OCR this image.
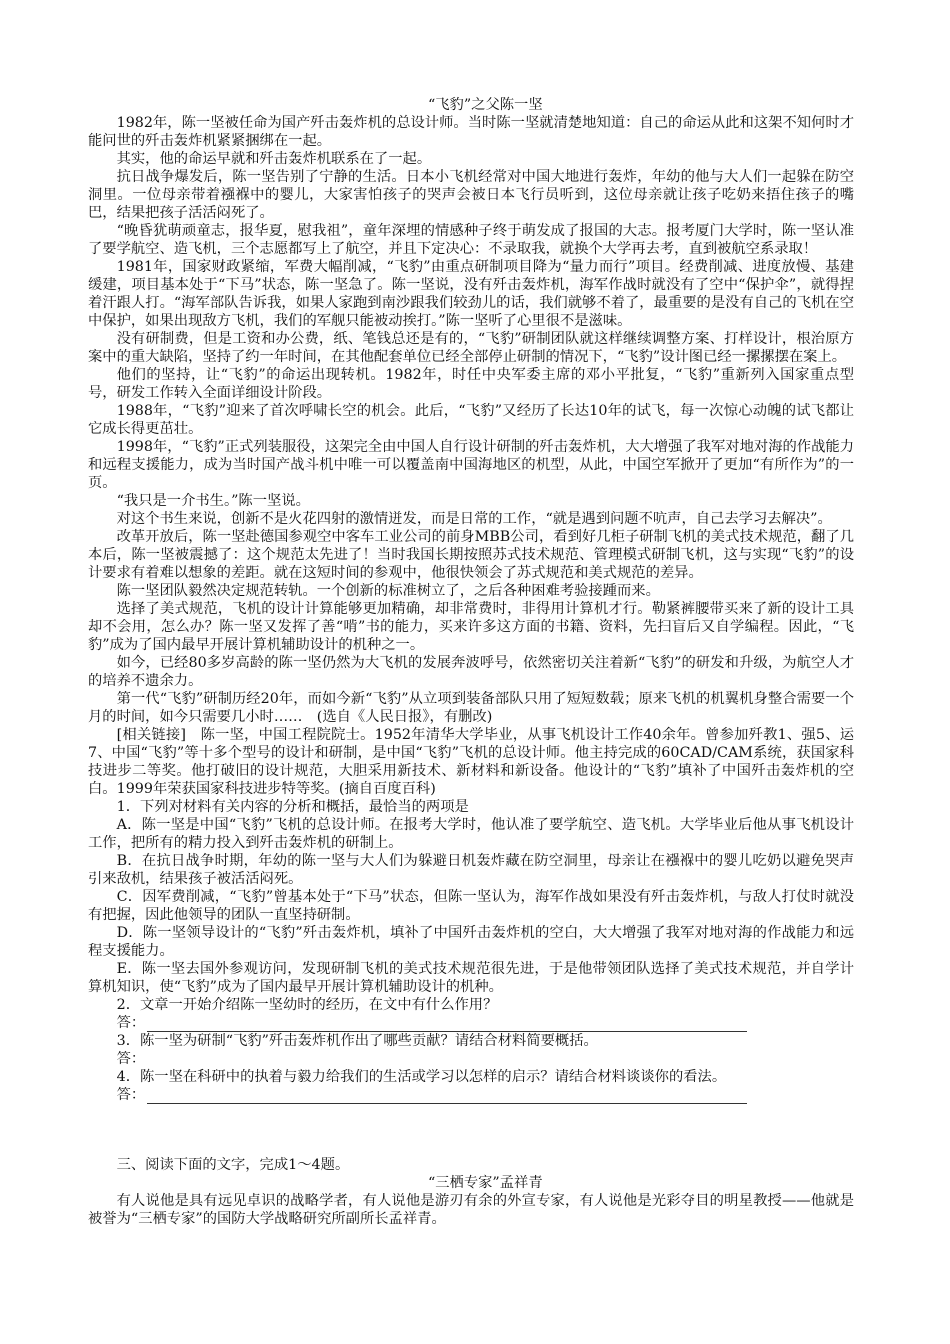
“飞豹”之父陈一坚

1982年，陈一坚被任命为国产歼击轰炸机的总设计师。当时陈一坚就清楚地知道：自己的命运从此和这架不知何时才能问世的歼击轰炸机紧紧捆绑在一起。

其实，他的命运早就和歼击轰炸机联系在了一起。

抗日战争爆发后，陈一坚告别了宁静的生活。日本小飞机经常对中国大地进行轰炸，年幼的他与大人们一起躲在防空洞里。一位母亲带着襁褓中的婴儿，大家害怕孩子的哭声会被日本飞行员听到，这位母亲就让孩子吃奶来捂住孩子的嘴巴，结果把孩子活活闷死了。

“晚昏犹萌顽童志，报华夏，慰我祖”，童年深埋的情感种子终于萌发成了报国的大志。报考厦门大学时，陈一坚认准了要学航空、造飞机，三个志愿都写上了航空，并且下定决心：不录取我，就换个大学再去考，直到被航空系录取！

1981年，国家财政紧缩，军费大幅削减，“飞豹”由重点研制项目降为“量力而行”项目。经费削减、进度放慢、基建缓建，项目基本处于“下马”状态，陈一坚急了。陈一坚说，没有歼击轰炸机，海军作战时就没有了空中“保护伞”，就得捏着汗跟人打。“海军部队告诉我，如果人家跑到南沙跟我们较劲儿的话，我们就够不着了，最重要的是没有自己的飞机在空中保护，如果出现敌方飞机，我们的军舰只能被动挨打。”陈一坚听了心里很不是滋味。

没有研制费，但是工资和办公费，纸、笔钱总还是有的，“飞豹”研制团队就这样继续调整方案、打样设计，根治原方案中的重大缺陷，坚持了约一年时间，在其他配套单位已经全部停止研制的情况下，“飞豹”设计图已经一摞摞摆在案上。

他们的坚持，让“飞豹”的命运出现转机。1982年，时任中央军委主席的邓小平批复，“飞豹”重新列入国家重点型号，研发工作转入全面详细设计阶段。

1988年，“飞豹”迎来了首次呼啸长空的机会。此后，“飞豹”又经历了长达10年的试飞，每一次惊心动魄的试飞都让它成长得更茁壮。

1998年，“飞豹”正式列装服役，这架完全由中国人自行设计研制的歼击轰炸机，大大增强了我军对地对海的作战能力和远程支援能力，成为当时国产战斗机中唯一可以覆盖南中国海地区的机型，从此，中国空军掀开了更加“有所作为”的一页。

“我只是一介书生。”陈一坚说。

对这个书生来说，创新不是火花四射的激情迸发，而是日常的工作，“就是遇到问题不吭声，自己去学习去解决”。

改革开放后，陈一坚赴德国参观空中客车工业公司的前身MBB公司，看到好几柜子研制飞机的美式技术规范，翻了几本后，陈一坚被震撼了：这个规范太先进了！当时我国长期按照苏式技术规范、管理模式研制飞机，这与实现“飞豹”的设计要求有着难以想象的差距。就在这短时间的参观中，他很快领会了苏式规范和美式规范的差异。

陈一坚团队毅然决定规范转轨。一个创新的标准树立了，之后各种困难考验接踵而来。

选择了美式规范，飞机的设计计算能够更加精确，却非常费时，非得用计算机才行。勒紧裤腰带买来了新的设计工具却不会用，怎么办？陈一坚又发挥了善“啃”书的能力，买来许多这方面的书籍、资料，先扫盲后又自学编程。因此，“飞豹”成为了国内最早开展计算机辅助设计的机种之一。

如今，已经80多岁高龄的陈一坚仍然为大飞机的发展奔波呼号，依然密切关注着新“飞豹”的研发和升级，为航空人才的培养不遗余力。

第一代“飞豹”研制历经20年，而如今新“飞豹”从立项到装备部队只用了短短数载；原来飞机的机翼机身整合需要一个月的时间，如今只需要几小时……　(选自《人民日报》，有删改)

[相关链接]　陈一坚，中国工程院院士。1952年清华大学毕业，从事飞机设计工作40余年。曾参加歼教1、强5、运7、中国“飞豹”等十多个型号的设计和研制，是中国“飞豹”飞机的总设计师。他主持完成的60CAD/CAM系统，获国家科技进步二等奖。他打破旧的设计规范，大胆采用新技术、新材料和新设备。他设计的“飞豹”填补了中国歼击轰炸机的空白。1999年荣获国家科技进步特等奖。(摘自百度百科)

1．下列对材料有关内容的分析和概括，最恰当的两项是

A．陈一坚是中国“飞豹”飞机的总设计师。在报考大学时，他认准了要学航空、造飞机。大学毕业后他从事飞机设计工作，把所有的精力投入到歼击轰炸机的研制上。

B．在抗日战争时期，年幼的陈一坚与大人们为躲避日机轰炸藏在防空洞里，母亲让在襁褓中的婴儿吃奶以避免哭声引来敌机，结果孩子被活活闷死。

C．因军费削减，“飞豹”曾基本处于“下马”状态，但陈一坚认为，海军作战如果没有歼击轰炸机，与敌人打仗时就没有把握，因此他领导的团队一直坚持研制。

D．陈一坚领导设计的“飞豹”歼击轰炸机，填补了中国歼击轰炸机的空白，大大增强了我军对地对海的作战能力和远程支援能力。

E．陈一坚去国外参观访问，发现研制飞机的美式技术规范很先进，于是他带领团队选择了美式技术规范，并自学计算机知识，使“飞豹”成为了国内最早开展计算机辅助设计的机种。

2．文章一开始介绍陈一坚幼时的经历，在文中有什么作用？

答：

3．陈一坚为研制“飞豹”歼击轰炸机作出了哪些贡献？请结合材料简要概括。

答：

4．陈一坚在科研中的执着与毅力给我们的生活或学习以怎样的启示？请结合材料谈谈你的看法。

答：

三、阅读下面的文字，完成1～4题。

“三栖专家”孟祥青

有人说他是具有远见卓识的战略学者，有人说他是游刃有余的外宣专家，有人说他是光彩夺目的明星教授——他就是被誉为“三栖专家”的国防大学战略研究所副所长孟祥青。
